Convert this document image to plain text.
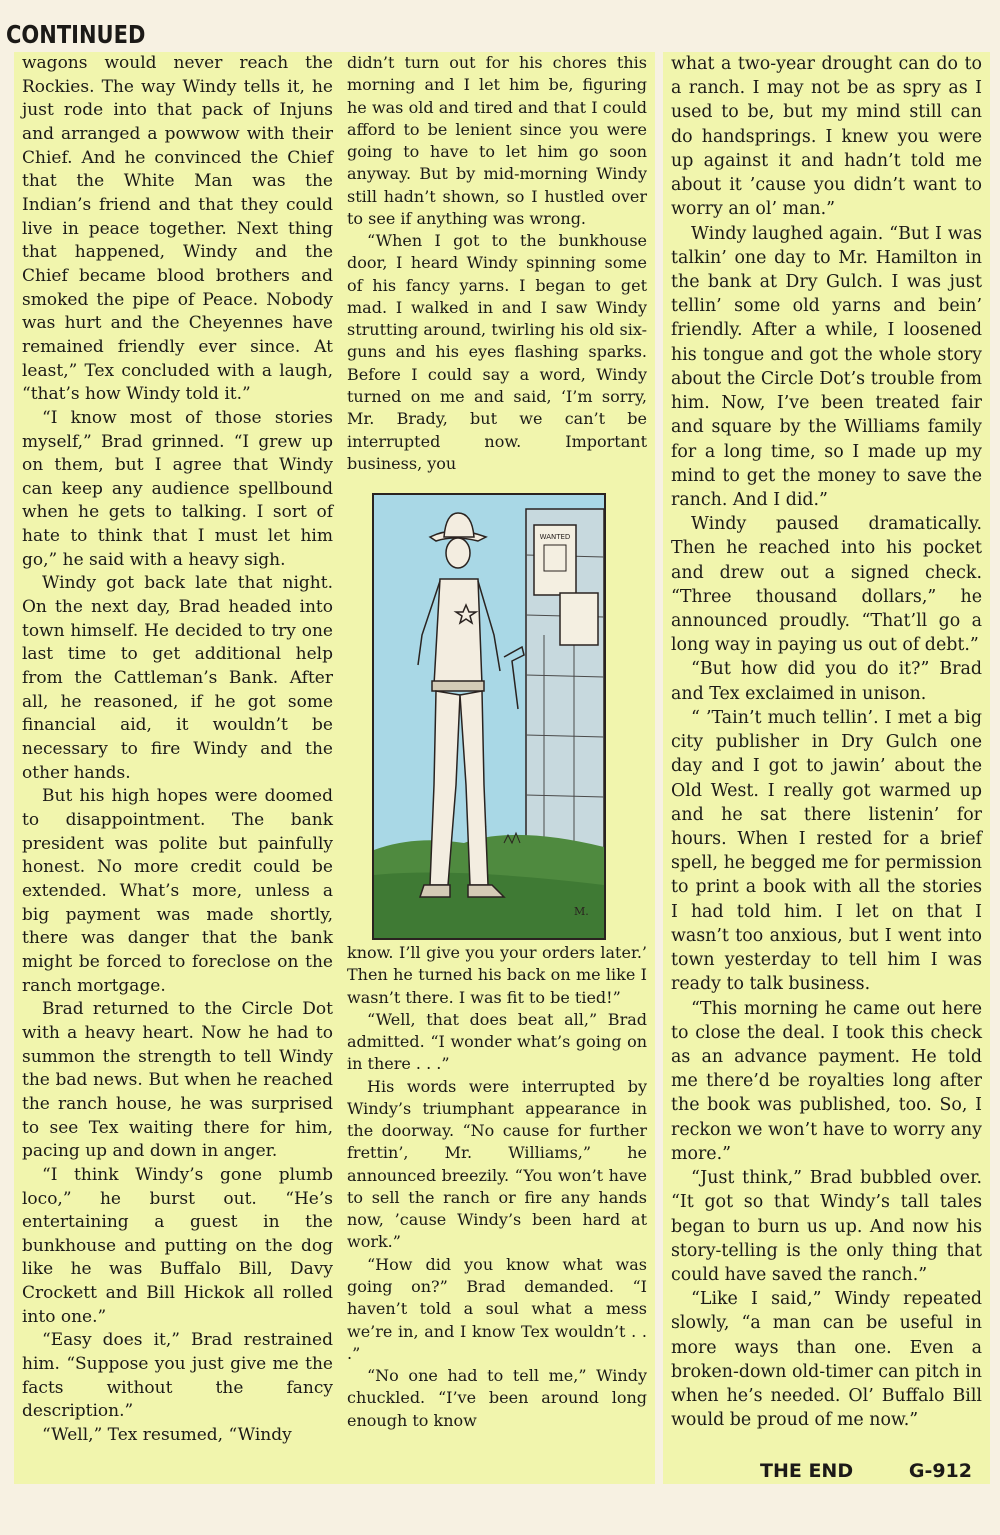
CONTINUED

wagons would never reach the Rockies. The way Windy tells it, he just rode into that pack of Injuns and arranged a powwow with their Chief. And he convinced the Chief that the White Man was the Indian’s friend and that they could live in peace together. Next thing that happened, Windy and the Chief became blood brothers and smoked the pipe of Peace. Nobody was hurt and the Cheyennes have remained friendly ever since. At least,” Tex concluded with a laugh, “that’s how Windy told it.”

“I know most of those stories myself,” Brad grinned. “I grew up on them, but I agree that Windy can keep any audience spellbound when he gets to talking. I sort of hate to think that I must let him go,” he said with a heavy sigh.

Windy got back late that night. On the next day, Brad headed into town himself. He decided to try one last time to get additional help from the Cattleman’s Bank. After all, he reasoned, if he got some financial aid, it wouldn’t be necessary to fire Windy and the other hands.

But his high hopes were doomed to disappointment. The bank president was polite but painfully honest. No more credit could be extended. What’s more, unless a big payment was made shortly, there was danger that the bank might be forced to foreclose on the ranch mortgage.

Brad returned to the Circle Dot with a heavy heart. Now he had to summon the strength to tell Windy the bad news. But when he reached the ranch house, he was surprised to see Tex waiting there for him, pacing up and down in anger.

“I think Windy’s gone plumb loco,” he burst out. “He’s entertaining a guest in the bunkhouse and putting on the dog like he was Buffalo Bill, Davy Crockett and Bill Hickok all rolled into one.”

“Easy does it,” Brad restrained him. “Suppose you just give me the facts without the fancy description.”

“Well,” Tex resumed, “Windy

didn’t turn out for his chores this morning and I let him be, figuring he was old and tired and that I could afford to be lenient since you were going to have to let him go soon anyway. But by mid-morning Windy still hadn’t shown, so I hustled over to see if anything was wrong.

“When I got to the bunkhouse door, I heard Windy spinning some of his fancy yarns. I began to get mad. I walked in and I saw Windy strutting around, twirling his old six-guns and his eyes flashing sparks. Before I could say a word, Windy turned on me and said, ‘I’m sorry, Mr. Brady, but we can’t be interrupted now. Important business, you

know. I’ll give you your orders later.’ Then he turned his back on me like I wasn’t there. I was fit to be tied!”

“Well, that does beat all,” Brad admitted. “I wonder what’s going on in there . . .”

His words were interrupted by Windy’s triumphant appearance in the doorway. “No cause for further frettin’, Mr. Williams,” he announced breezily. “You won’t have to sell the ranch or fire any hands now, ’cause Windy’s been hard at work.”

“How did you know what was going on?” Brad demanded. “I haven’t told a soul what a mess we’re in, and I know Tex wouldn’t . . .”

“No one had to tell me,” Windy chuckled. “I’ve been around long enough to know

WANTED
M.

what a two-year drought can do to a ranch. I may not be as spry as I used to be, but my mind still can do handsprings. I knew you were up against it and hadn’t told me about it ’cause you didn’t want to worry an ol’ man.”

Windy laughed again. “But I was talkin’ one day to Mr. Hamilton in the bank at Dry Gulch. I was just tellin’ some old yarns and bein’ friendly. After a while, I loosened his tongue and got the whole story about the Circle Dot’s trouble from him. Now, I’ve been treated fair and square by the Williams family for a long time, so I made up my mind to get the money to save the ranch. And I did.”

Windy paused dramatically. Then he reached into his pocket and drew out a signed check. “Three thousand dollars,” he announced proudly. “That’ll go a long way in paying us out of debt.”

“But how did you do it?” Brad and Tex exclaimed in unison.

“ ’Tain’t much tellin’. I met a big city publisher in Dry Gulch one day and I got to jawin’ about the Old West. I really got warmed up and he sat there listenin’ for hours. When I rested for a brief spell, he begged me for permission to print a book with all the stories I had told him. I let on that I wasn’t too anxious, but I went into town yesterday to tell him I was ready to talk business.

“This morning he came out here to close the deal. I took this check as an advance payment. He told me there’d be royalties long after the book was published, too. So, I reckon we won’t have to worry any more.”

“Just think,” Brad bubbled over. “It got so that Windy’s tall tales began to burn us up. And now his story-telling is the only thing that could have saved the ranch.”

“Like I said,” Windy repeated slowly, “a man can be useful in more ways than one. Even a broken-down old-timer can pitch in when he’s needed. Ol’ Buffalo Bill would be proud of me now.”

THE END	G-912
